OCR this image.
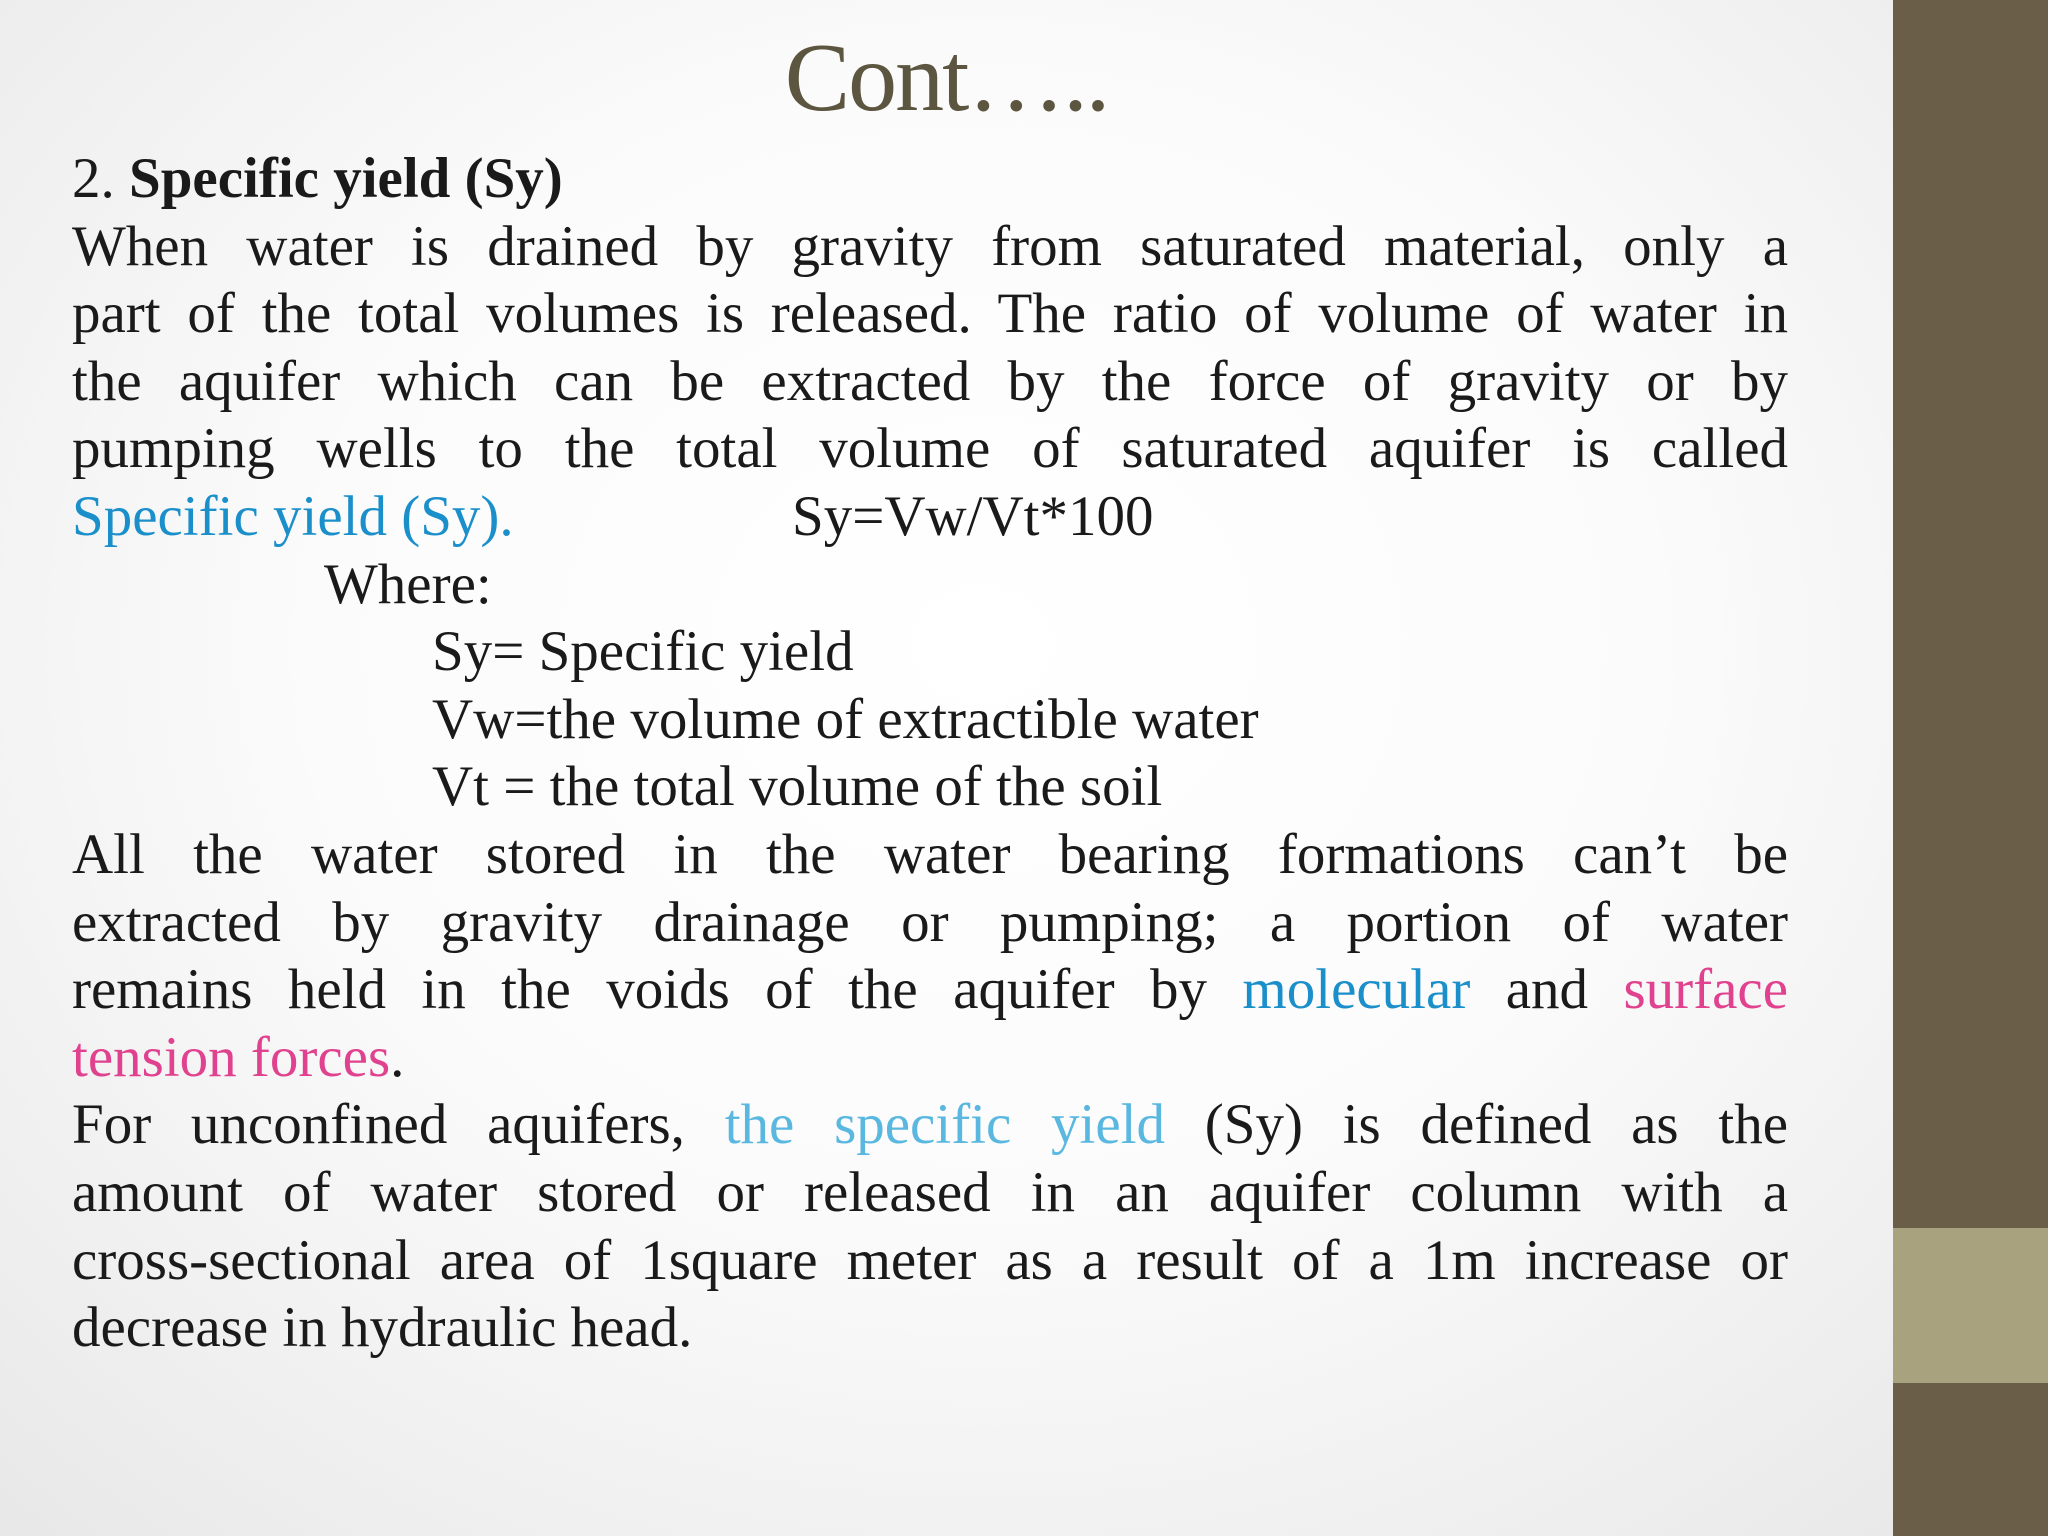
Cont…..
2. Specific yield (Sy)
When water is drained by gravity from saturated material, only a
part of the total volumes is released. The ratio of volume of water in
the aquifer which can be extracted by the force of gravity or by
pumping wells to the total volume of saturated aquifer is called
Specific yield (Sy).	Sy=Vw/Vt*100
Where:
Sy= Specific yield
Vw=the volume of extractible water
Vt = the total volume of the soil
All the water stored in the water bearing formations can’t be
extracted by gravity drainage or pumping; a portion of water
remains held in the voids of the aquifer by molecular and surface
tension forces.
For unconfined aquifers, the specific yield (Sy) is defined as the
amount of water stored or released in an aquifer column with a
cross-sectional area of 1square meter as a result of a 1m increase or
decrease in hydraulic head.
